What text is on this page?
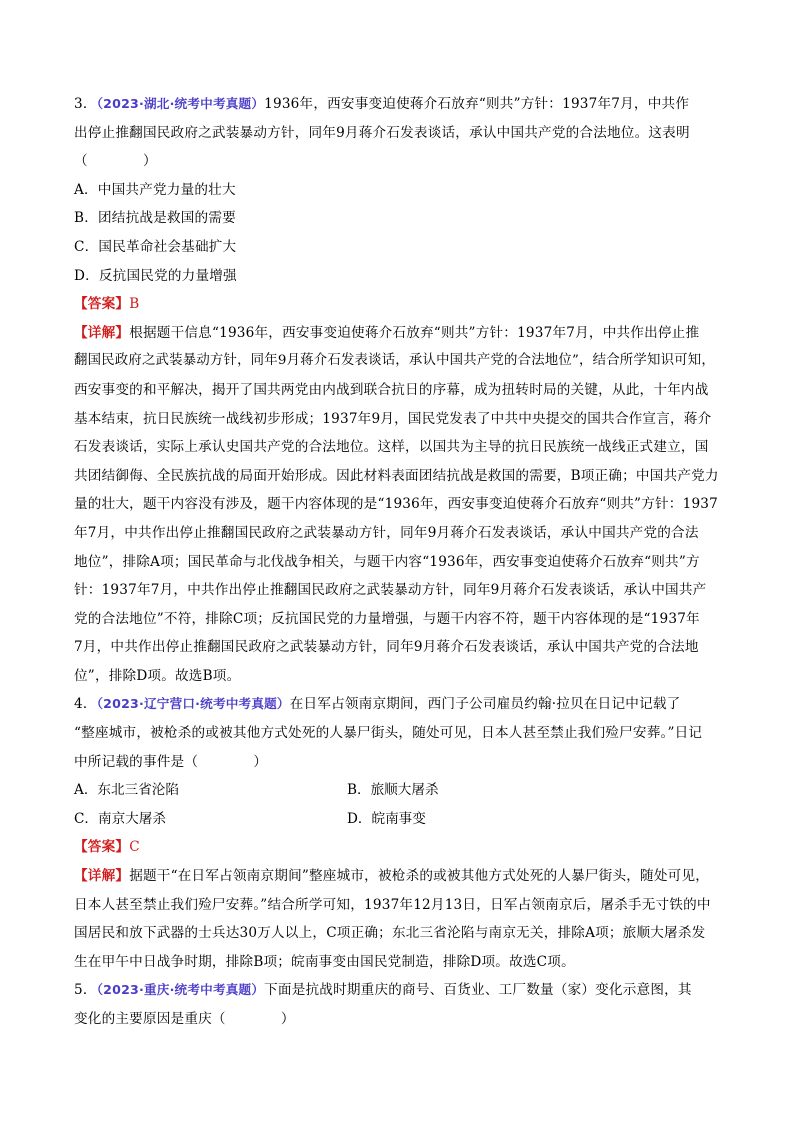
3．（2023·湖北·统考中考真题）1936年，西安事变迫使蒋介石放弃“则共”方针：1937年7月，中共作
出停止推翻国民政府之武装暴动方针，同年9月蒋介石发表谈话，承认中国共产党的合法地位。这表明
（　　　　）
A．中国共产党力量的壮大
B．团结抗战是救国的需要
C．国民革命社会基础扩大
D．反抗国民党的力量增强
【答案】B
【详解】根据题干信息“1936年，西安事变迫使蒋介石放弃“则共”方针：1937年7月，中共作出停止推
翻国民政府之武装暴动方针，同年9月蒋介石发表谈话，承认中国共产党的合法地位”，结合所学知识可知，
西安事变的和平解决，揭开了国共两党由内战到联合抗日的序幕，成为扭转时局的关键，从此，十年内战
基本结束，抗日民族统一战线初步形成；1937年9月，国民党发表了中共中央提交的国共合作宣言，蒋介
石发表谈话，实际上承认史国共产党的合法地位。这样，以国共为主导的抗日民族统一战线正式建立，国
共团结御侮、全民族抗战的局面开始形成。因此材料表面团结抗战是救国的需要，B项正确；中国共产党力
量的壮大，题干内容没有涉及，题干内容体现的是“1936年，西安事变迫使蒋介石放弃“则共”方针：1937
年7月，中共作出停止推翻国民政府之武装暴动方针，同年9月蒋介石发表谈话，承认中国共产党的合法
地位”，排除A项；国民革命与北伐战争相关，与题干内容“1936年，西安事变迫使蒋介石放弃“则共”方
针：1937年7月，中共作出停止推翻国民政府之武装暴动方针，同年9月蒋介石发表谈话，承认中国共产
党的合法地位”不符，排除C项；反抗国民党的力量增强，与题干内容不符，题干内容体现的是“1937年
7月，中共作出停止推翻国民政府之武装暴动方针，同年9月蒋介石发表谈话，承认中国共产党的合法地
位”，排除D项。故选B项。
4．（2023·辽宁营口·统考中考真题）在日军占领南京期间，西门子公司雇员约翰·拉贝在日记中记载了
“整座城市，被枪杀的或被其他方式处死的人暴尸街头，随处可见，日本人甚至禁止我们殓尸安葬。”日记
中所记载的事件是（　　　　）
A．东北三省沦陷	B．旅顺大屠杀
C．南京大屠杀	D．皖南事变
【答案】C
【详解】据题干“在日军占领南京期间”整座城市，被枪杀的或被其他方式处死的人暴尸街头，随处可见，
日本人甚至禁止我们殓尸安葬。”结合所学可知，1937年12月13日，日军占领南京后，屠杀手无寸铁的中
国居民和放下武器的士兵达30万人以上，C项正确；东北三省沦陷与南京无关，排除A项；旅顺大屠杀发
生在甲午中日战争时期，排除B项；皖南事变由国民党制造，排除D项。故选C项。
5．（2023·重庆·统考中考真题）下面是抗战时期重庆的商号、百货业、工厂数量（家）变化示意图，其
变化的主要原因是重庆（　　　　）
